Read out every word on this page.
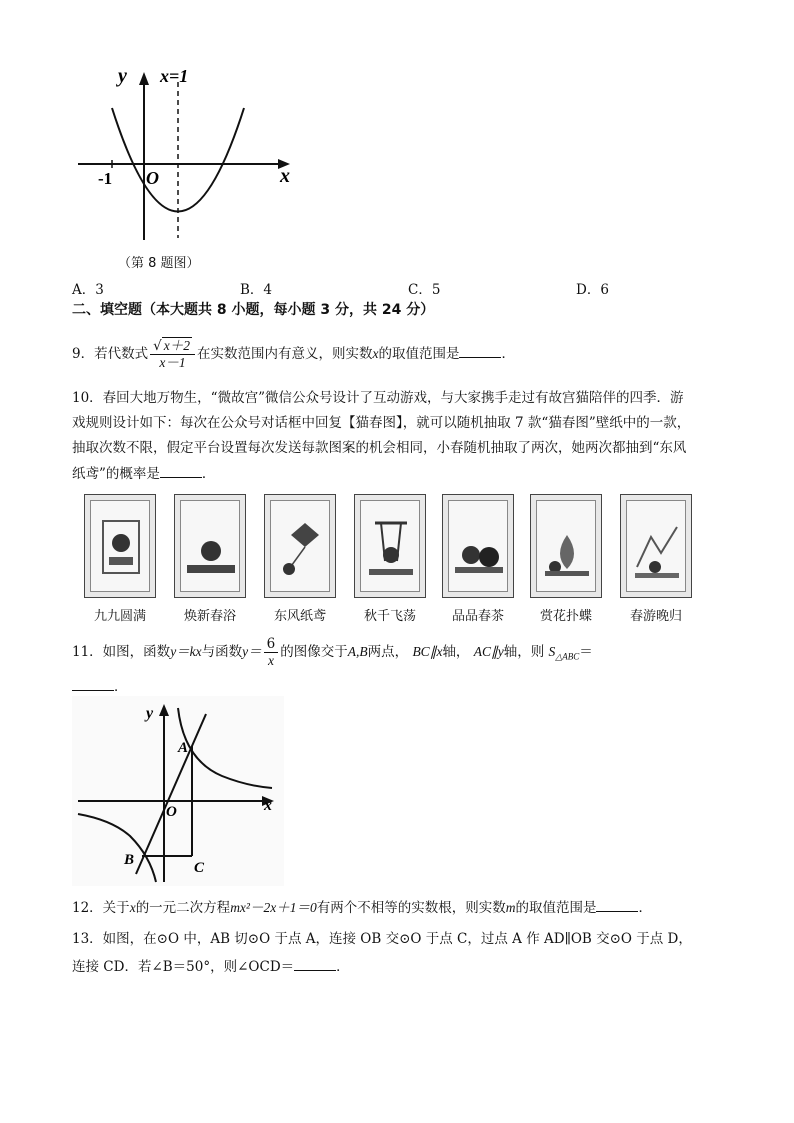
y x=1
x
-1 O
（第 8 题图）
A．3	B．4	C．5	D．6
二、填空题（本大题共 8 小题，每小题 3 分，共 24 分）
9．若代数式 $\frac{√ x+2}{x-1}$ 在实数范围内有意义，则实数x的取值范围是	．
10．春回大地万物生，“微故宫”微信公众号设计了互动游戏，与大家携手走过有故宫猫陪伴的四季．游
戏规则设计如下：每次在公众号对话框中回复【猫春图】，就可以随机抽取 7 款“猫春图”壁纸中的一款，
抽取次数不限，假定平台设置每次发送每款图案的机会相同，小春随机抽取了两次，她两次都抽到“东风
纸鸢”的概率是	．
九九圆满	焕新春浴	东风纸鸢	秋千飞荡	品品春茶	赏花扑蝶	春游晚归
11．如图，函数y＝kx与函数$y= \frac{6}{x}$ 的图像交于A,B两点， BC∥x轴， AC∥y轴，则 $S_{\triangle ABC}=$
．
y
x
A
O
B	C
12．关于x的一元二次方程mx²－2x＋1＝0有两个不相等的实数根，则实数m的取值范围是	．
13．如图，在⊙O 中，AB 切⊙O 于点 A，连接 OB 交⊙O 于点 C，过点 A 作 AD∥OB 交⊙O 于点 D，
连接 CD．若∠B＝50°，则∠OCD＝	．
